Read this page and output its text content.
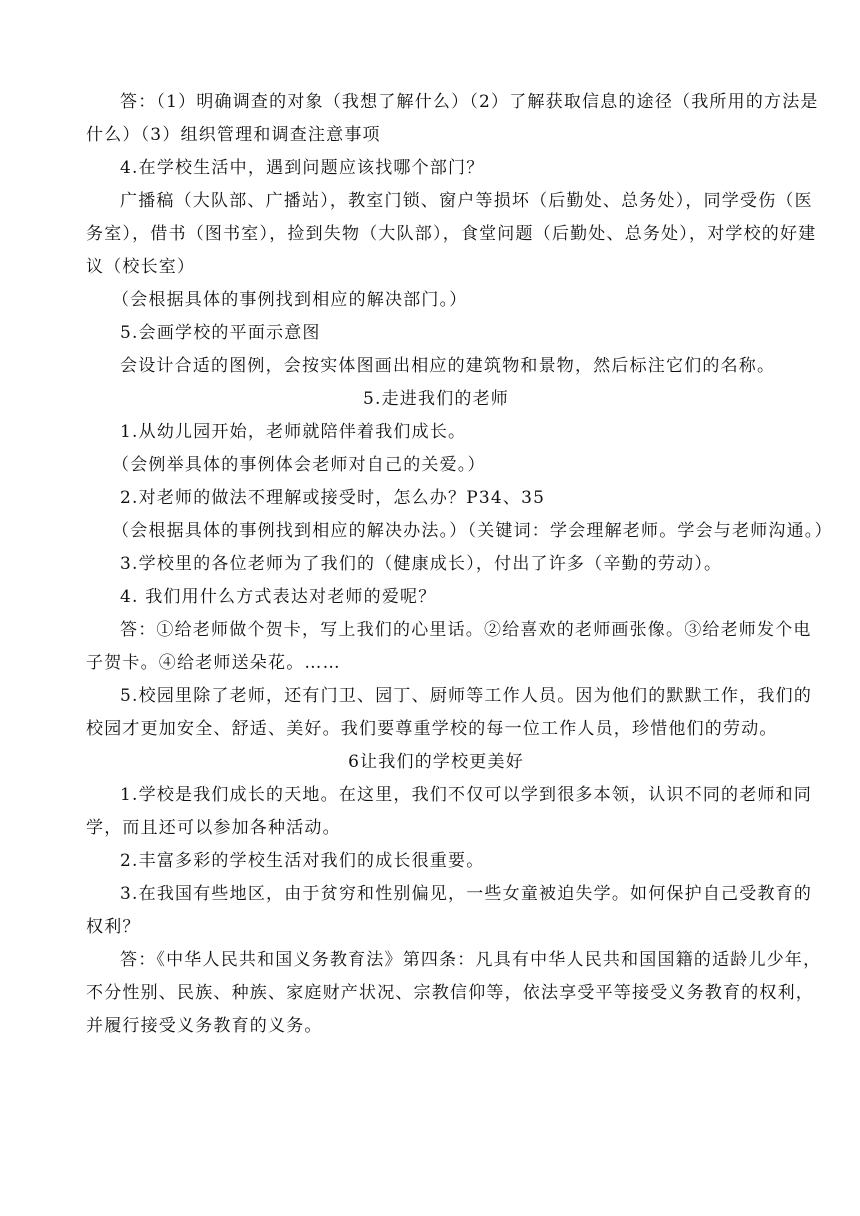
答：（1）明确调查的对象（我想了解什么）（2）了解获取信息的途径（我所用的方法是
什么）（3）组织管理和调查注意事项
4.在学校生活中，遇到问题应该找哪个部门？
广播稿（大队部、广播站），教室门锁、窗户等损坏（后勤处、总务处），同学受伤（医
务室），借书（图书室），捡到失物（大队部），食堂问题（后勤处、总务处），对学校的好建
议（校长室）
（会根据具体的事例找到相应的解决部门。）
5.会画学校的平面示意图
会设计合适的图例，会按实体图画出相应的建筑物和景物，然后标注它们的名称。
5.走进我们的老师
1.从幼儿园开始，老师就陪伴着我们成长。
（会例举具体的事例体会老师对自己的关爱。）
2.对老师的做法不理解或接受时，怎么办？P34、35
（会根据具体的事例找到相应的解决办法。）（关键词：学会理解老师。学会与老师沟通。）
3.学校里的各位老师为了我们的（健康成长），付出了许多（辛勤的劳动）。
4. 我们用什么方式表达对老师的爱呢？
答：①给老师做个贺卡，写上我们的心里话。②给喜欢的老师画张像。③给老师发个电
子贺卡。④给老师送朵花。……
5.校园里除了老师，还有门卫、园丁、厨师等工作人员。因为他们的默默工作，我们的
校园才更加安全、舒适、美好。我们要尊重学校的每一位工作人员，珍惜他们的劳动。
6让我们的学校更美好
1.学校是我们成长的天地。在这里，我们不仅可以学到很多本领，认识不同的老师和同
学，而且还可以参加各种活动。
2.丰富多彩的学校生活对我们的成长很重要。
3.在我国有些地区，由于贫穷和性别偏见，一些女童被迫失学。如何保护自己受教育的
权利？
答：《中华人民共和国义务教育法》第四条：凡具有中华人民共和国国籍的适龄儿少年，
不分性别、民族、种族、家庭财产状况、宗教信仰等，依法享受平等接受义务教育的权利，
并履行接受义务教育的义务。
